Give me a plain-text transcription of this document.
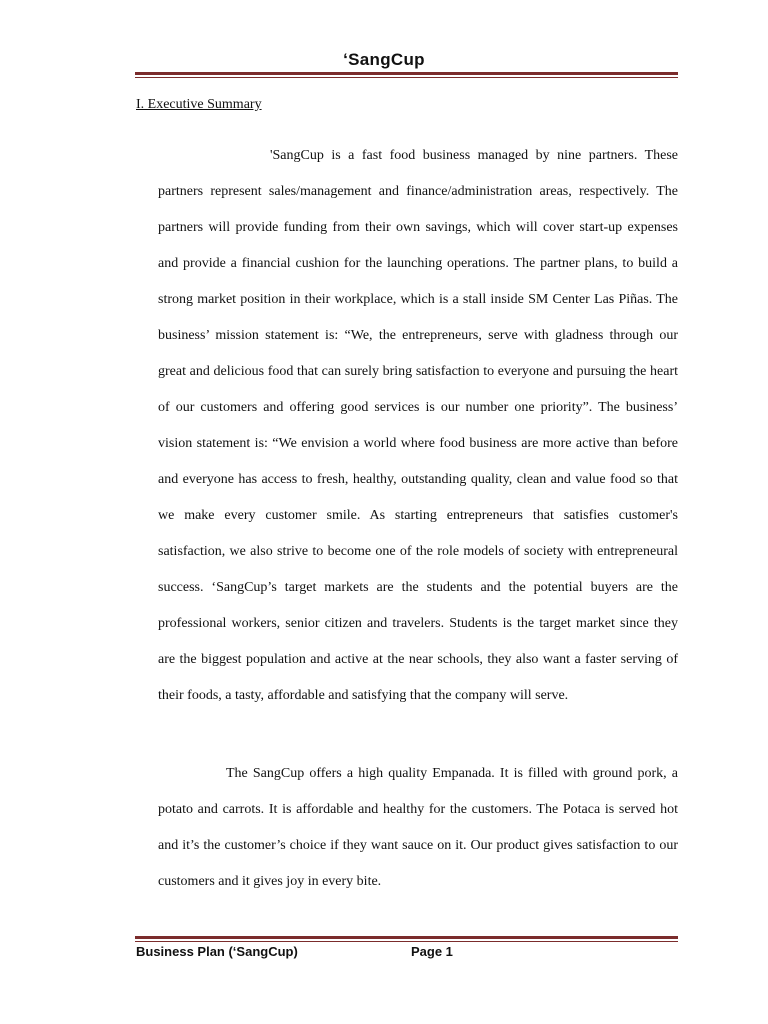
‘SangCup
I. Executive Summary

'SangCup is a fast food business managed by nine partners. These partners represent sales/management and finance/administration areas, respectively. The partners will provide funding from their own savings, which will cover start-up expenses and provide a financial cushion for the launching operations. The partner plans, to build a strong market position in their workplace, which is a stall inside SM Center Las Piñas. The business’ mission statement is: “We, the entrepreneurs, serve with gladness through our great and delicious food that can surely bring satisfaction to everyone and pursuing the heart of our customers and offering good services is our number one priority”. The business’ vision statement is: “We envision a world where food business are more active than before and everyone has access to fresh, healthy, outstanding quality, clean and value food so that we make every customer smile. As starting entrepreneurs that satisfies customer's satisfaction, we also strive to become one of the role models of society with entrepreneural success. ‘SangCup’s target markets are the students and the potential buyers are the professional workers, senior citizen and travelers. Students is the target market since they are the biggest population and active at the near schools, they also want a faster serving of their foods, a tasty, affordable and satisfying that the company will serve.

The SangCup offers a high quality Empanada. It is filled with ground pork, a potato and carrots. It is affordable and healthy for the customers. The Potaca is served hot and it’s the customer’s choice if they want sauce on it. Our product gives satisfaction to our customers and it gives joy in every bite.

Business Plan (‘SangCup)	Page 1
